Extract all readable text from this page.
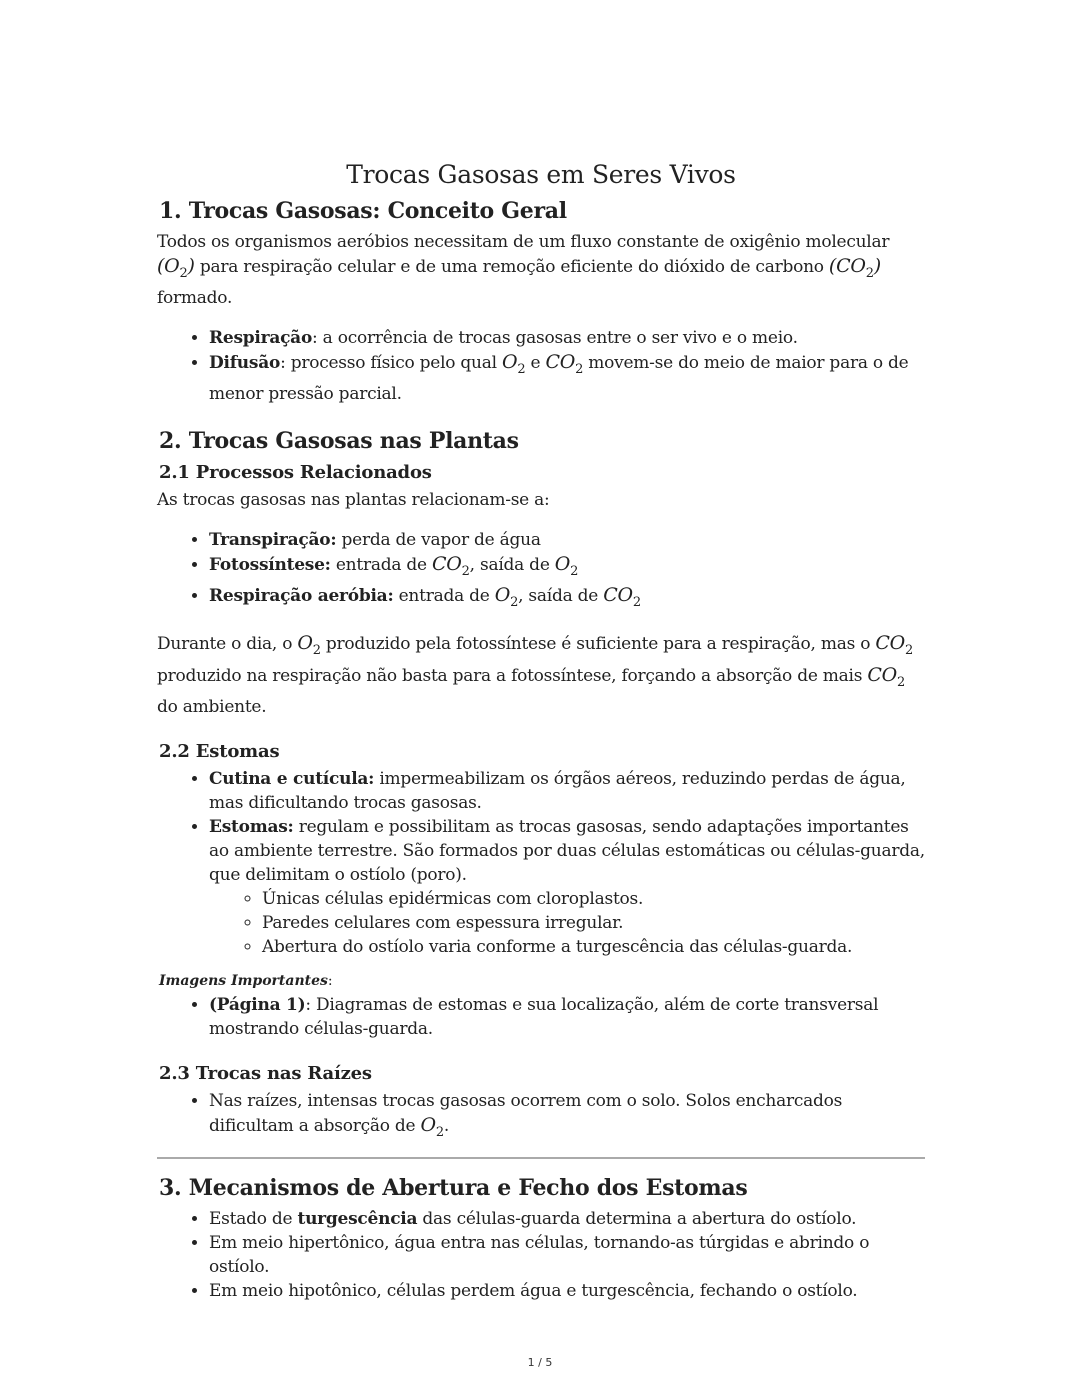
Trocas Gasosas em Seres Vivos
1. Trocas Gasosas: Conceito Geral

Todos os organismos aeróbios necessitam de um fluxo constante de oxigênio molecular $(O_2)$ para respiração celular e de uma remoção eficiente do dióxido de carbono $(CO_2)$
formado.

• Respiração: a ocorrência de trocas gasosas entre o ser vivo e o meio.
• Difusão: processo físico pelo qual $O_2$ e $CO_2$ movem-se do meio de maior para o de menor pressão parcial.
2. Trocas Gasosas nas Plantas
2.1 Processos Relacionados

As trocas gasosas nas plantas relacionam-se a:

• Transpiração: perda de vapor de água
• Fotossíntese: entrada de $CO_2$, saída de $O_2$
• Respiração aeróbia: entrada de $O_2$, saída de $CO_2$

Durante o dia, o $O_2$ produzido pela fotossíntese é suficiente para a respiração, mas o $CO_2$ produzido na respiração não basta para a fotossíntese, forçando a absorção de mais $CO_2$ do ambiente.

2.2 Estomas
• Cutina e cutícula: impermeabilizam os órgãos aéreos, reduzindo perdas de água, mas dificultando trocas gasosas.
• Estomas: regulam e possibilitam as trocas gasosas, sendo adaptações importantes ao ambiente terrestre. São formados por duas células estomáticas ou células-guarda, que delimitam o ostíolo (poro).
◦ Únicas células epidérmicas com cloroplastos.
◦ Paredes celulares com espessura irregular.
◦ Abertura do ostíolo varia conforme a turgescência das células-guarda.
Imagens Importantes:
• (Página 1): Diagramas de estomas e sua localização, além de corte transversal mostrando células-guarda.
2.3 Trocas nas Raízes
• Nas raízes, intensas trocas gasosas ocorrem com o solo. Solos encharcados dificultam a absorção de $O_2$.
3. Mecanismos de Abertura e Fecho dos Estomas
• Estado de turgescência das células-guarda determina a abertura do ostíolo.
• Em meio hipertônico, água entra nas células, tornando-as túrgidas e abrindo o ostíolo.
• Em meio hipotônico, células perdem água e turgescência, fechando o ostíolo.
1 / 5
